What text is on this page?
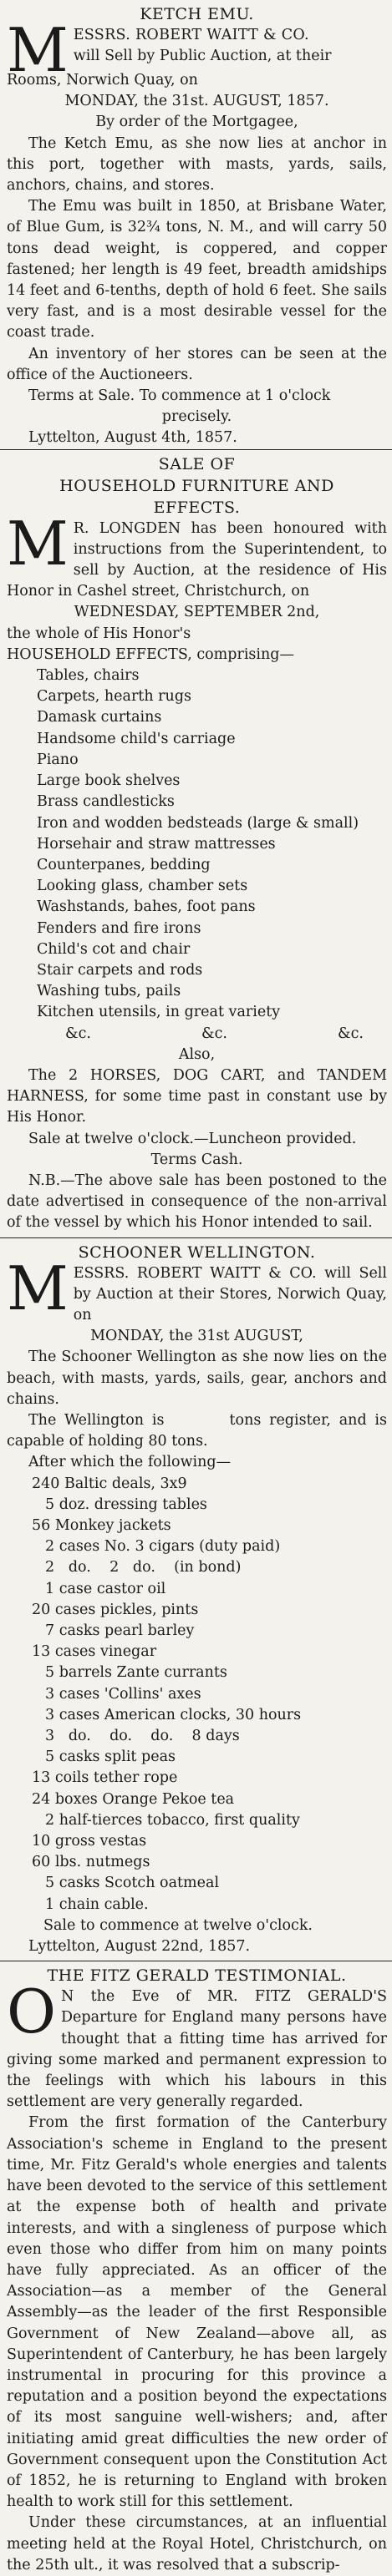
KETCH EMU.
M ESSRS. ROBERT WAITT & CO.

will Sell by Public Auction, at their

Rooms, Norwich Quay, on

MONDAY, the 31st. AUGUST, 1857.

By order of the Mortgagee,

The Ketch Emu, as she now lies at anchor in this port, together with masts, yards, sails, anchors, chains, and stores.

The Emu was built in 1850, at Brisbane Water, of Blue Gum, is 32¾ tons, N. M., and will carry 50 tons dead weight, is coppered, and copper fastened; her length is 49 feet, breadth amidships 14 feet and 6-tenths, depth of hold 6 feet. She sails very fast, and is a most desirable vessel for the coast trade.

An inventory of her stores can be seen at the office of the Auctioneers.

Terms at Sale. To commence at 1 o'clock

precisely.

Lyttelton, August 4th, 1857.

SALE OF
HOUSEHOLD FURNITURE AND
EFFECTS.
M R. LONGDEN has been honoured with instructions from the Superintendent, to sell by Auction, at the residence of His Honor in Cashel street, Christchurch, on

WEDNESDAY, SEPTEMBER 2nd,

the whole of His Honor's

HOUSEHOLD EFFECTS, comprising—

Tables, chairs

Carpets, hearth rugs

Damask curtains

Handsome child's carriage

Piano

Large book shelves

Brass candlesticks

Iron and wodden bedsteads (large & small)

Horsehair and straw mattresses

Counterpanes, bedding

Looking glass, chamber sets

Washstands, bahes, foot pans

Fenders and fire irons

Child's cot and chair

Stair carpets and rods

Washing tubs, pails

Kitchen utensils, in great variety

&c.	&c.	&c.

Also,

The 2 HORSES, DOG CART, and TANDEM HARNESS, for some time past in constant use by His Honor.

Sale at twelve o'clock.—Luncheon provided.

Terms Cash.

N.B.—The above sale has been postoned to the date advertised in consequence of the non-arrival of the vessel by which his Honor intended to sail.

SCHOONER WELLINGTON.
M ESSRS. ROBERT WAITT & CO. will Sell by Auction at their Stores, Norwich Quay, on

MONDAY, the 31st AUGUST,

The Schooner Wellington as she now lies on the beach, with masts, yards, sails, gear, anchors and chains.

The Wellington is        tons register, and is capable of holding 80 tons.

After which the following—

240 Baltic deals, 3x9

5 doz. dressing tables

56 Monkey jackets

2 cases No. 3 cigars (duty paid)

2   do.    2   do.    (in bond)

1 case castor oil

20 cases pickles, pints

7 casks pearl barley

13 cases vinegar

5 barrels Zante currants

3 cases 'Collins' axes

3 cases American clocks, 30 hours

3   do.    do.    do.    8 days

5 casks split peas

13 coils tether rope

24 boxes Orange Pekoe tea

2 half-tierces tobacco, first quality

10 gross vestas

60 lbs. nutmegs

5 casks Scotch oatmeal

1 chain cable.

Sale to commence at twelve o'clock.

Lyttelton, August 22nd, 1857.

THE FITZ GERALD TESTIMONIAL.
O N the Eve of MR. FITZ GERALD'S Departure for England many persons have thought that a fitting time has arrived for giving some marked and permanent expression to the feelings with which his labours in this settlement are very generally regarded.

From the first formation of the Canterbury Association's scheme in England to the present time, Mr. Fitz Gerald's whole energies and talents have been devoted to the service of this settlement at the expense both of health and private interests, and with a singleness of purpose which even those who differ from him on many points have fully appreciated. As an officer of the Association—as a member of the General Assembly—as the leader of the first Responsible Government of New Zealand—above all, as Superintendent of Canterbury, he has been largely instrumental in procuring for this province a reputation and a position beyond the expectations of its most sanguine well-wishers; and, after initiating amid great difficulties the new order of Government consequent upon the Constitution Act of 1852, he is returning to England with broken health to work still for this settlement.

Under these circumstances, at an influential meeting held at the Royal Hotel, Christchurch, on the 25th ult., it was resolved that a subscrip-
